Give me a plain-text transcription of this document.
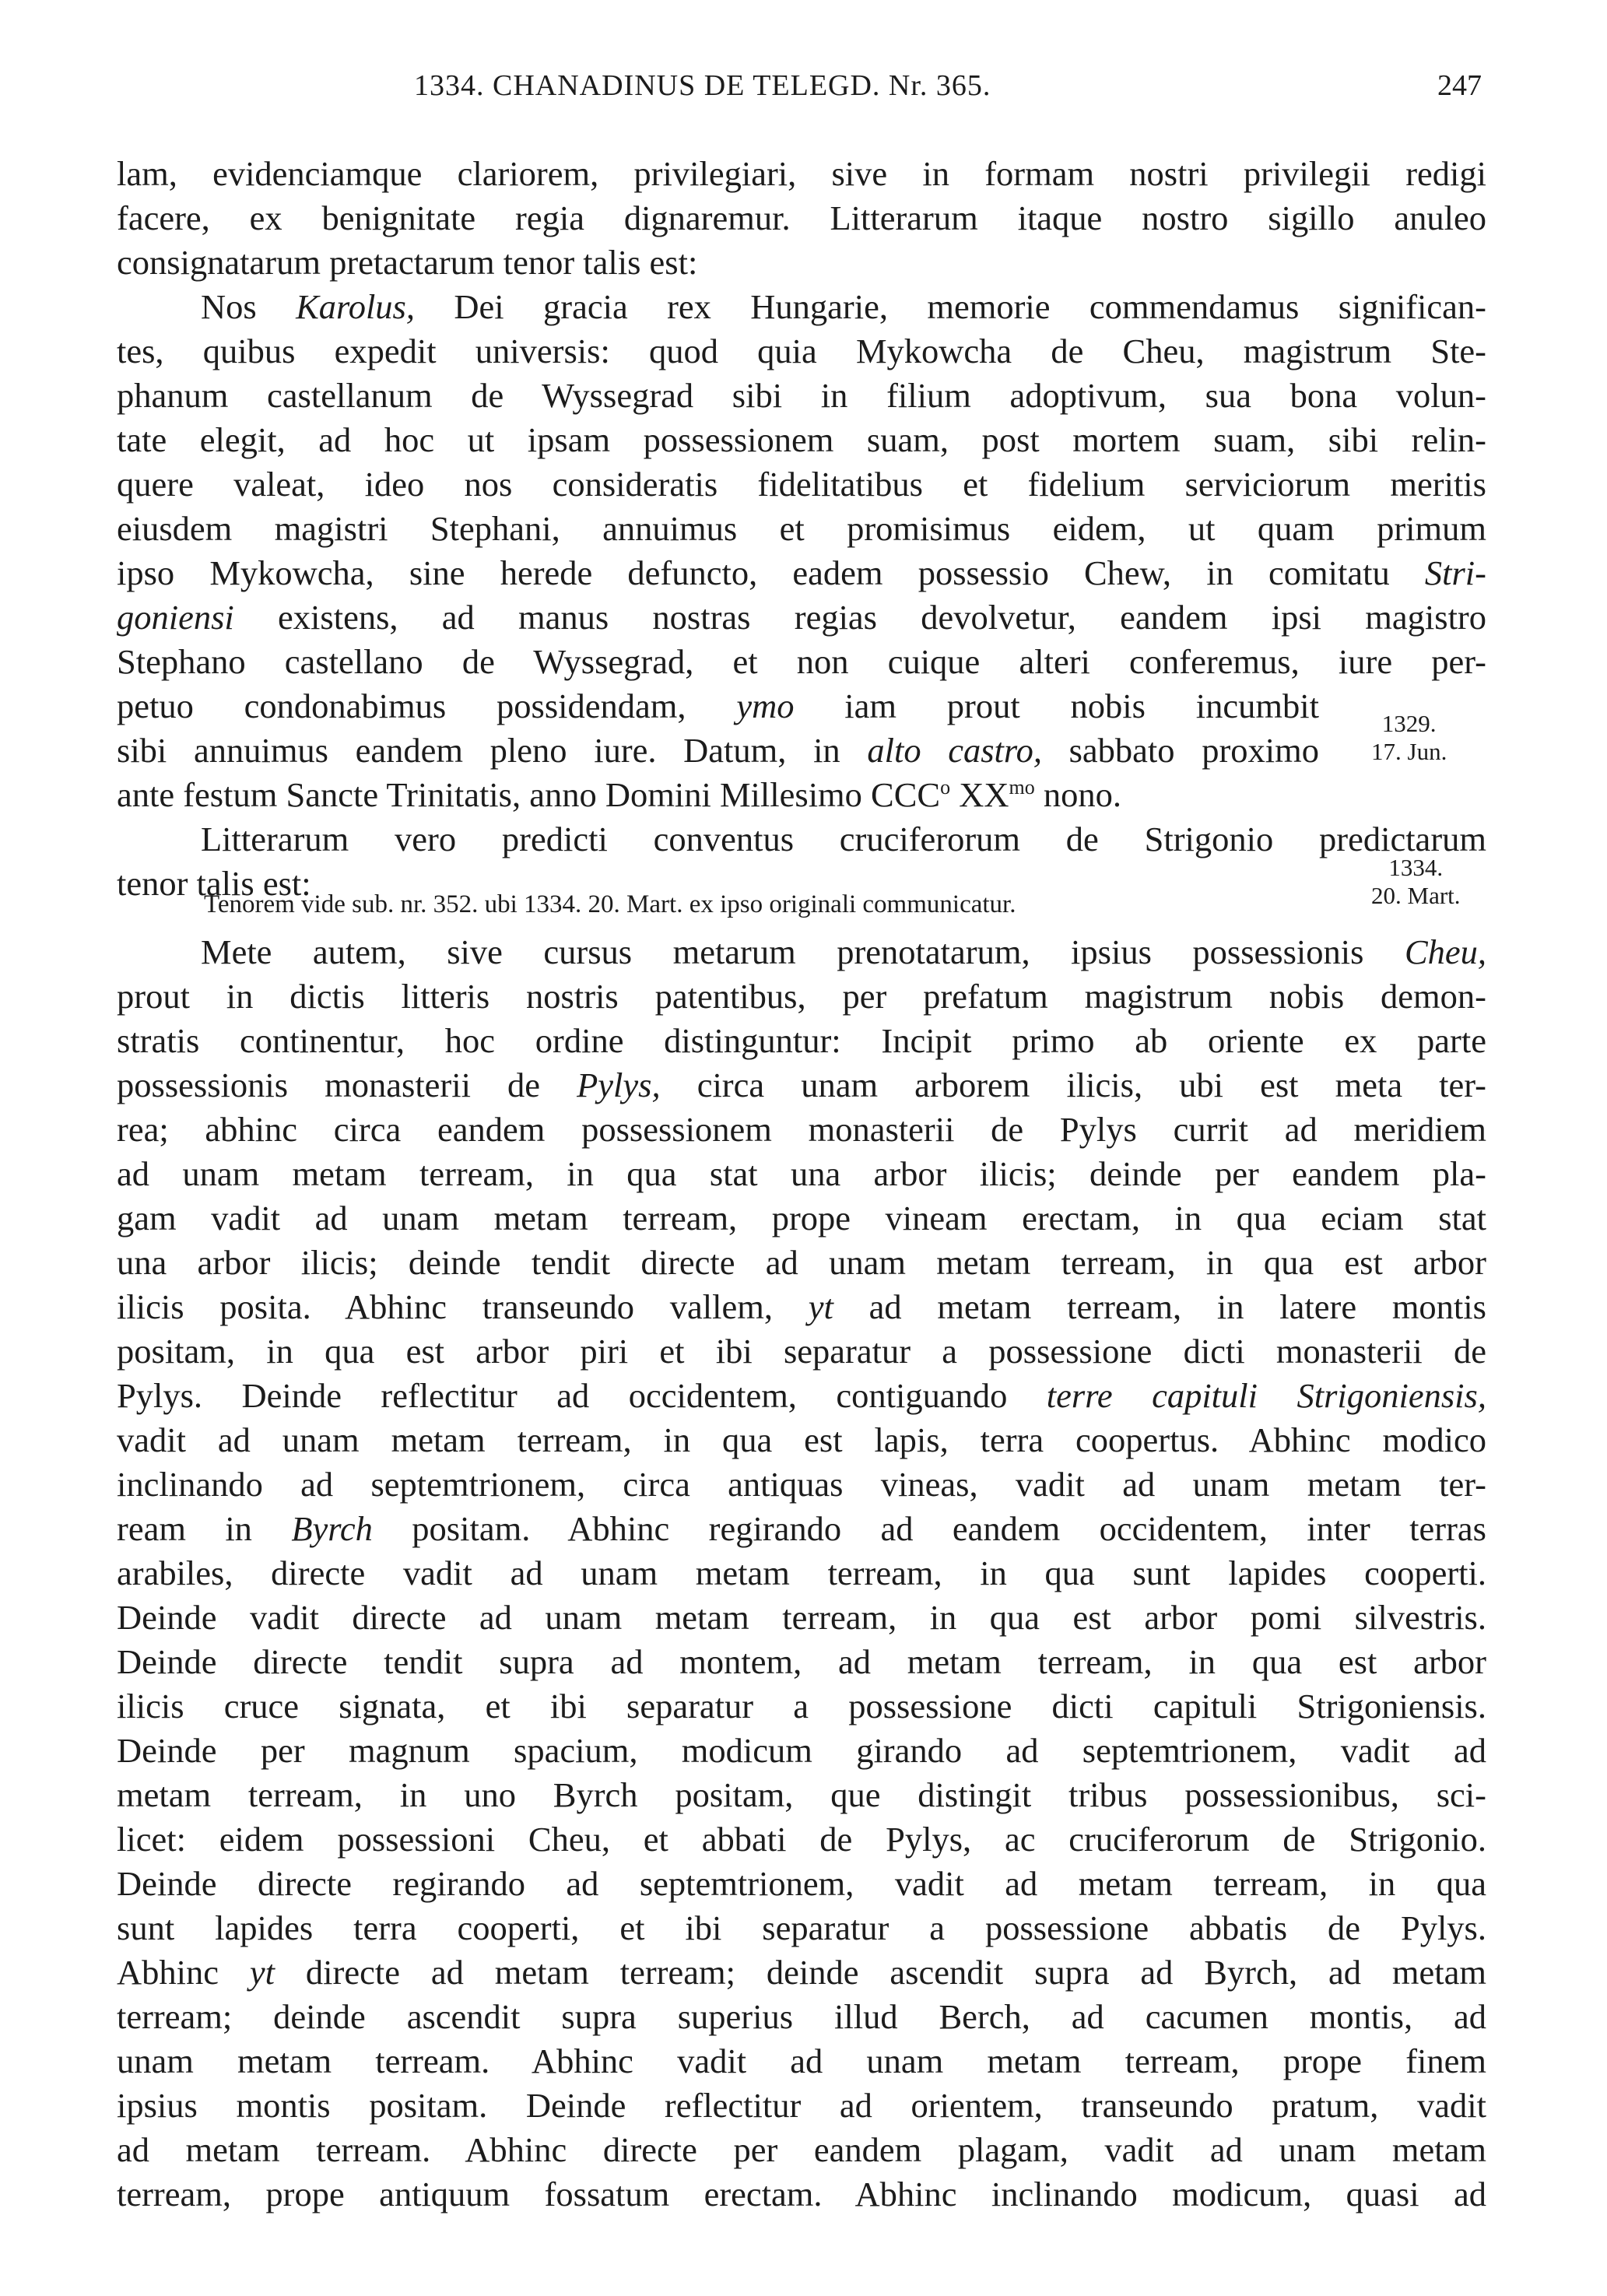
1334. CHANADINUS DE TELEGD. Nr. 365.	247
lam, evidenciamque clariorem, privilegiari, sive in formam nostri privilegii redigi
facere, ex benignitate regia dignaremur. Litterarum itaque nostro sigillo anuleo
consignatarum pretactarum tenor talis est:
Nos Karolus, Dei gracia rex Hungarie, memorie commendamus significan-
tes, quibus expedit universis: quod quia Mykowcha de Cheu, magistrum Ste-
phanum castellanum de Wyssegrad sibi in filium adoptivum, sua bona volun-
tate elegit, ad hoc ut ipsam possessionem suam, post mortem suam, sibi relin-
quere valeat, ideo nos consideratis fidelitatibus et fidelium serviciorum meritis
eiusdem magistri Stephani, annuimus et promisimus eidem, ut quam primum
ipso Mykowcha, sine herede defuncto, eadem possessio Chew, in comitatu Stri-
goniensi existens, ad manus nostras regias devolvetur, eandem ipsi magistro
Stephano castellano de Wyssegrad, et non cuique alteri conferemus, iure per-
petuo condonabimus possidendam, ymo iam prout nobis incumbit
sibi annuimus eandem pleno iure. Datum, in alto castro, sabbato proximo
ante festum Sancte Trinitatis, anno Domini Millesimo CCC$^o$ $XX^{mo}$ nono.
Litterarum vero predicti conventus cruciferorum de Strigonio predictarum
tenor talis est:
Tenorem vide sub. nr. 352. ubi 1334. 20. Mart. ex ipso originali communicatur.
Mete autem, sive cursus metarum prenotatarum, ipsius possessionis Cheu,
prout in dictis litteris nostris patentibus, per prefatum magistrum nobis demon-
stratis continentur, hoc ordine distinguntur: Incipit primo ab oriente ex parte
possessionis monasterii de Pylys, circa unam arborem ilicis, ubi est meta ter-
rea; abhinc circa eandem possessionem monasterii de Pylys currit ad meridiem
ad unam metam terream, in qua stat una arbor ilicis; deinde per eandem pla-
gam vadit ad unam metam terream, prope vineam erectam, in qua eciam stat
una arbor ilicis; deinde tendit directe ad unam metam terream, in qua est arbor
ilicis posita. Abhinc transeundo vallem, yt ad metam terream, in latere montis
positam, in qua est arbor piri et ibi separatur a possessione dicti monasterii de
Pylys. Deinde reflectitur ad occidentem, contiguando terre capituli Strigoniensis,
vadit ad unam metam terream, in qua est lapis, terra coopertus. Abhinc modico
inclinando ad septemtrionem, circa antiquas vineas, vadit ad unam metam ter-
ream in Byrch positam. Abhinc regirando ad eandem occidentem, inter terras
arabiles, directe vadit ad unam metam terream, in qua sunt lapides cooperti.
Deinde vadit directe ad unam metam terream, in qua est arbor pomi silvestris.
Deinde directe tendit supra ad montem, ad metam terream, in qua est arbor
ilicis cruce signata, et ibi separatur a possessione dicti capituli Strigoniensis.
Deinde per magnum spacium, modicum girando ad septemtrionem, vadit ad
metam terream, in uno Byrch positam, que distingit tribus possessionibus, sci-
licet: eidem possessioni Cheu, et abbati de Pylys, ac cruciferorum de Strigonio.
Deinde directe regirando ad septemtrionem, vadit ad metam terream, in qua
sunt lapides terra cooperti, et ibi separatur a possessione abbatis de Pylys.
Abhinc yt directe ad metam terream; deinde ascendit supra ad Byrch, ad metam
terream; deinde ascendit supra superius illud Berch, ad cacumen montis, ad
unam metam terream. Abhinc vadit ad unam metam terream, prope finem
ipsius montis positam. Deinde reflectitur ad orientem, transeundo pratum, vadit
ad metam terream. Abhinc directe per eandem plagam, vadit ad unam metam
terream, prope antiquum fossatum erectam. Abhinc inclinando modicum, quasi ad
1329.
17. Jun.
1334.
20. Mart.
